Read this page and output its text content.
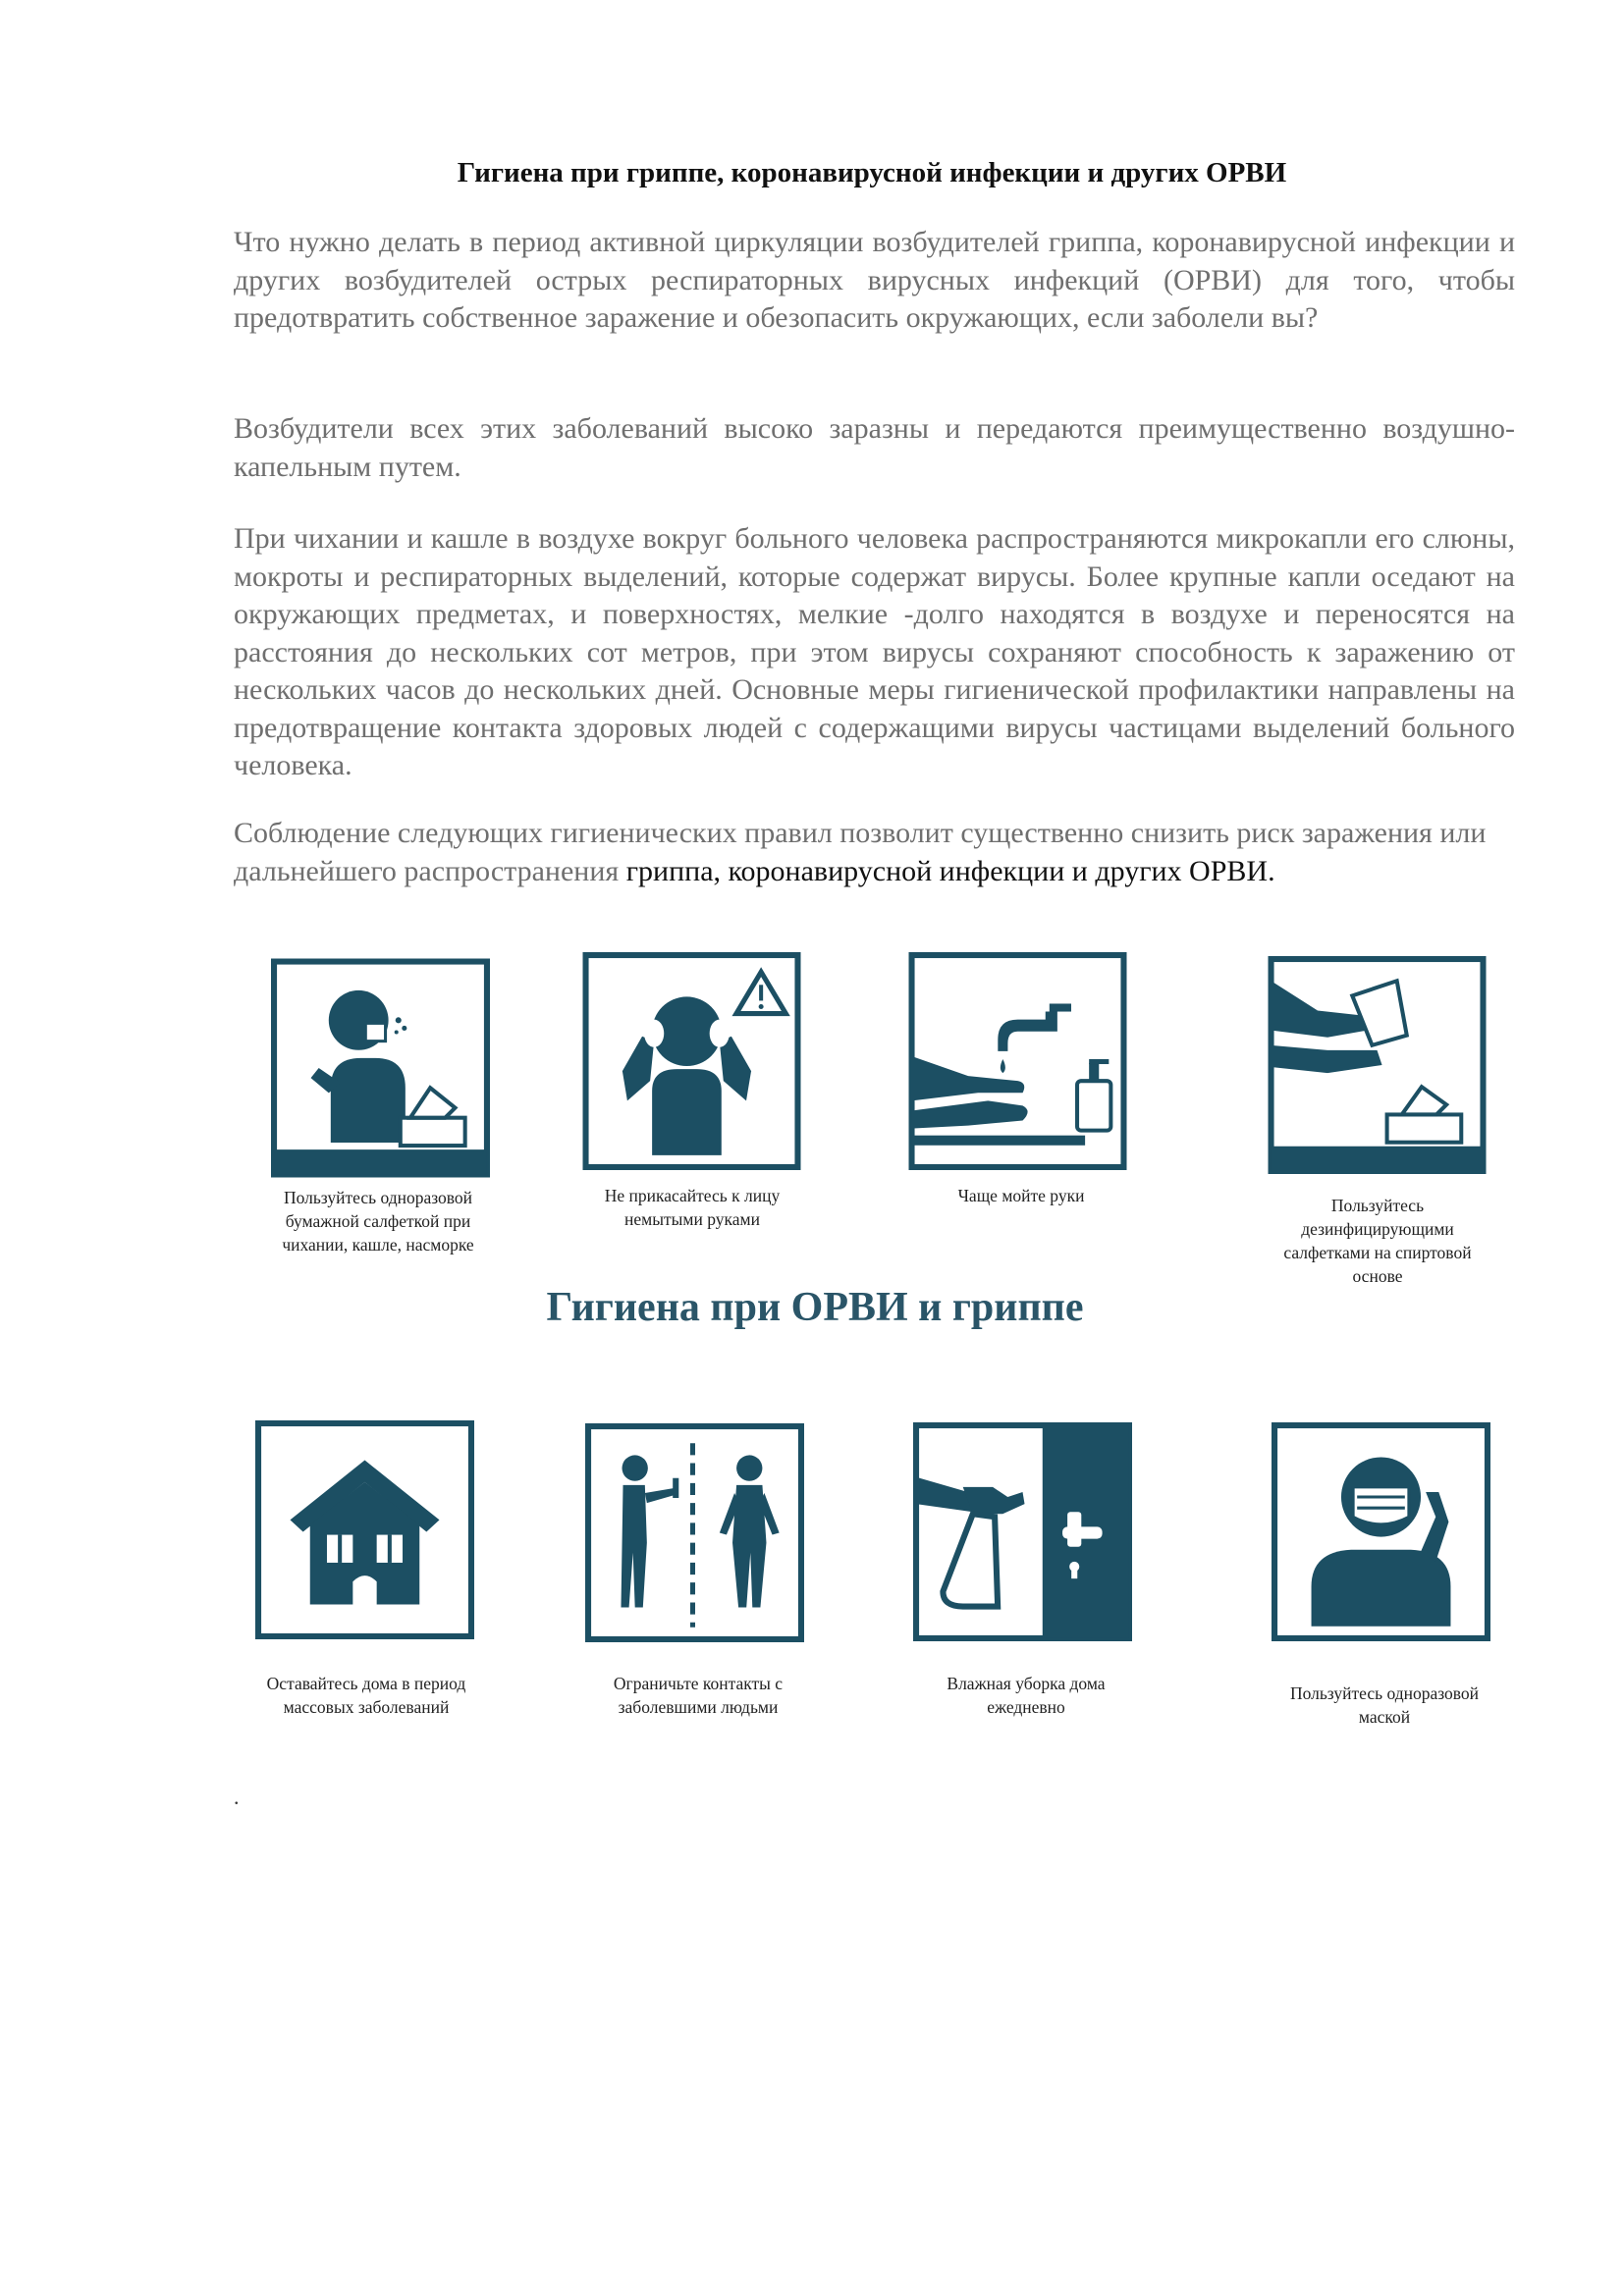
Гигиена при гриппе, коронавирусной инфекции и других ОРВИ

Что нужно делать в период активной циркуляции возбудителей гриппа, коронавирусной инфекции и других возбудителей острых респираторных вирусных инфекций (ОРВИ) для того, чтобы предотвратить собственное заражение и обезопасить окружающих, если заболели вы?

Возбудители всех этих заболеваний высоко заразны и передаются преимущественно воздушно-капельным путем.

При чихании и кашле в воздухе вокруг больного человека распространяются микрокапли его слюны, мокроты и респираторных выделений, которые содержат вирусы. Более крупные капли оседают на окружающих предметах, и поверхностях, мелкие -долго находятся в воздухе и переносятся на расстояния до нескольких сот метров, при этом вирусы сохраняют способность к заражению от нескольких часов до нескольких дней. Основные меры гигиенической профилактики направлены на предотвращение контакта здоровых людей с содержащими вирусы частицами выделений больного человека.

Соблюдение следующих гигиенических правил позволит существенно снизить риск заражения или дальнейшего распространения гриппа, коронавирусной инфекции и других ОРВИ.

Пользуйтесь одноразовой бумажной салфеткой при чихании, кашле, насморке
Не прикасайтесь к лицу немытыми руками
Чаще мойте руки	Пользуйтесь дезинфицирующими салфетками на спиртовой основе
Гигиена при ОРВИ и гриппе
Оставайтесь дома в период массовых заболеваний
Ограничьте контакты с заболевшими людьми
Влажная уборка дома ежедневно
Пользуйтесь одноразовой маской
.
